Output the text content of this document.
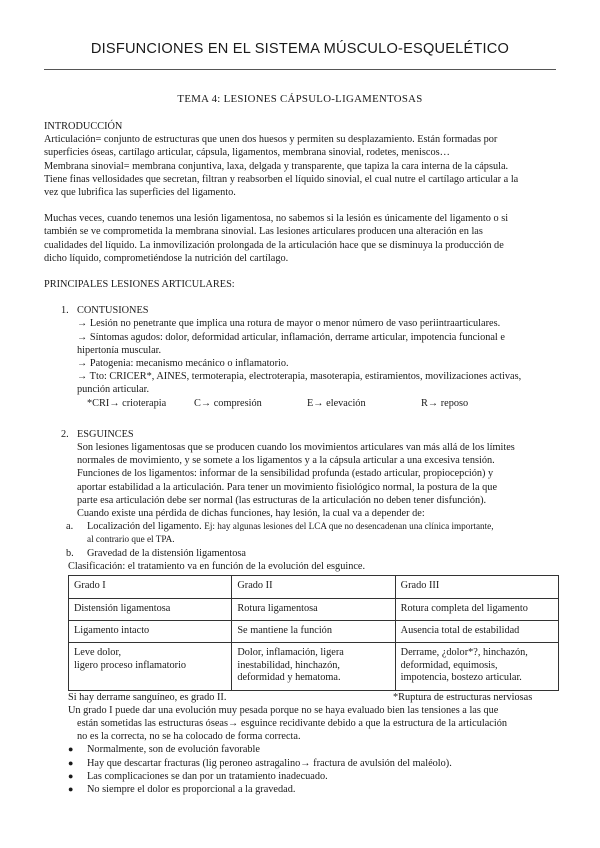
DISFUNCIONES EN EL SISTEMA MÚSCULO-ESQUELÉTICO
TEMA 4: LESIONES CÁPSULO-LIGAMENTOSAS

INTRODUCCIÓN

Articulación= conjunto de estructuras que unen dos huesos y permiten su desplazamiento. Están formadas por

superficies óseas, cartílago articular, cápsula, ligamentos, membrana sinovial, rodetes, meniscos…

Membrana sinovial= membrana conjuntiva, laxa, delgada y transparente, que tapiza la cara interna de la cápsula.

Tiene finas vellosidades que secretan, filtran y reabsorben el líquido sinovial, el cual nutre el cartílago articular a la

vez que lubrifica las superficies del ligamento.

Muchas veces, cuando tenemos una lesión ligamentosa, no sabemos si la lesión es únicamente del ligamento o si

también se ve comprometida la membrana sinovial. Las lesiones articulares producen una alteración en las

cualidades del líquido. La inmovilización prolongada de la articulación hace que se disminuya la producción de

dicho líquido, comprometiéndose la nutrición del cartílago.

PRINCIPALES LESIONES ARTICULARES:

1. CONTUSIONES

→ Lesión no penetrante que implica una rotura de mayor o menor número de vaso periintraarticulares.

→ Síntomas agudos: dolor, deformidad articular, inflamación, derrame articular, impotencia funcional e

hipertonía muscular.

→ Patogenia: mecanismo mecánico o inflamatorio.

→ Tto: CRICER*, AINES, termoterapia, electroterapia, masoterapia, estiramientos, movilizaciones activas,

punción articular.

*CRI→ crioterapia	C→ compresión	E→ elevación	R→ reposo
2. ESGUINCES

Son lesiones ligamentosas que se producen cuando los movimientos articulares van más allá de los límites

normales de movimiento, y se somete a los ligamentos y a la cápsula articular a una excesiva tensión.

Funciones de los ligamentos: informar de la sensibilidad profunda (estado articular, propiocepción) y

aportar estabilidad a la articulación. Para tener un movimiento fisiológico normal, la postura de la que

parte esa articulación debe ser normal (las estructuras de la articulación no deben tener disfunción).

Cuando existe una pérdida de dichas funciones, hay lesión, la cual va a depender de:

a. Localización del ligamento. Ej: hay algunas lesiones del LCA que no desencadenan una clínica importante,
al contrario que el TPA.
b. Gravedad de la distensión ligamentosa

Clasificación: el tratamiento va en función de la evolución del esguince.

Grado I	Grado II	Grado III
Distensión ligamentosa	Rotura ligamentosa	Rotura completa del ligamento
Ligamento intacto	Se mantiene la función	Ausencia total de estabilidad
Leve dolor,
ligero proceso inflamatorio	Dolor, inflamación, ligera
inestabilidad, hinchazón,
deformidad y hematoma.	Derrame, ¿dolor*?, hinchazón,
deformidad, equimosis,
impotencia, bostezo articular.
Si hay derrame sanguíneo, es grado II.	*Ruptura de estructuras nerviosas

Un grado I puede dar una evolución muy pesada porque no se haya evaluado bien las tensiones a las que

están sometidas las estructuras óseas→ esguince recidivante debido a que la estructura de la articulación

no es la correcta, no se ha colocado de forma correcta.

● Normalmente, son de evolución favorable
● Hay que descartar fracturas (lig peroneo astragalino→ fractura de avulsión del maléolo).
● Las complicaciones se dan por un tratamiento inadecuado.
● No siempre el dolor es proporcional a la gravedad.
